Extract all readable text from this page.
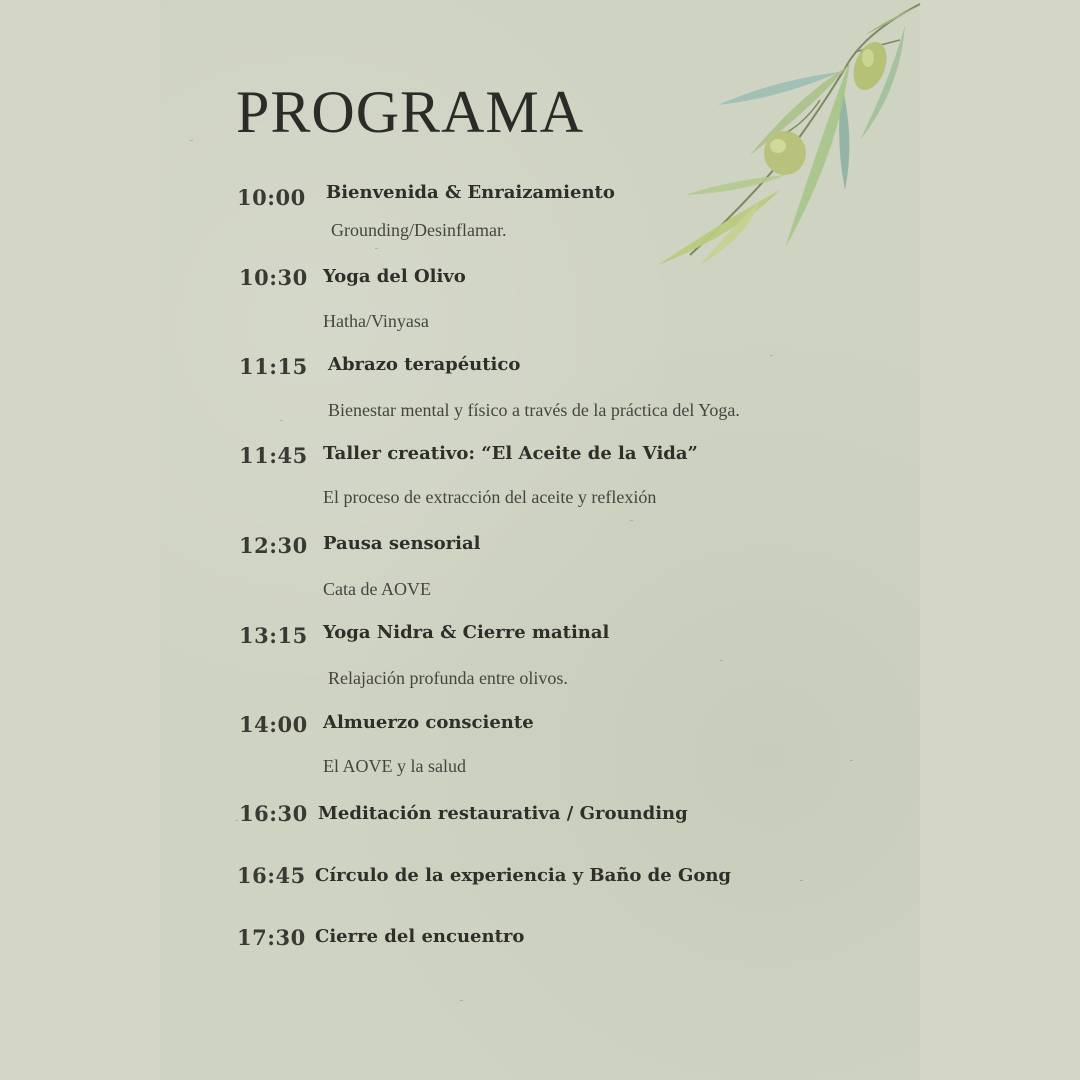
PROGRAMA
10:00 Bienvenida & Enraizamiento
Grounding/Desinflamar.
10:30 Yoga del Olivo
Hatha/Vinyasa
11:15 Abrazo terapéutico
Bienestar mental y físico a través de la práctica del Yoga.
11:45 Taller creativo: “El Aceite de la Vida”
El proceso de extracción del aceite y reflexión
12:30 Pausa sensorial
Cata de AOVE
13:15 Yoga Nidra & Cierre matinal
Relajación profunda entre olivos.
14:00 Almuerzo consciente
El AOVE y la salud
16:30 Meditación restaurativa / Grounding
16:45 Círculo de la experiencia y Baño de Gong
17:30 Cierre del encuentro
